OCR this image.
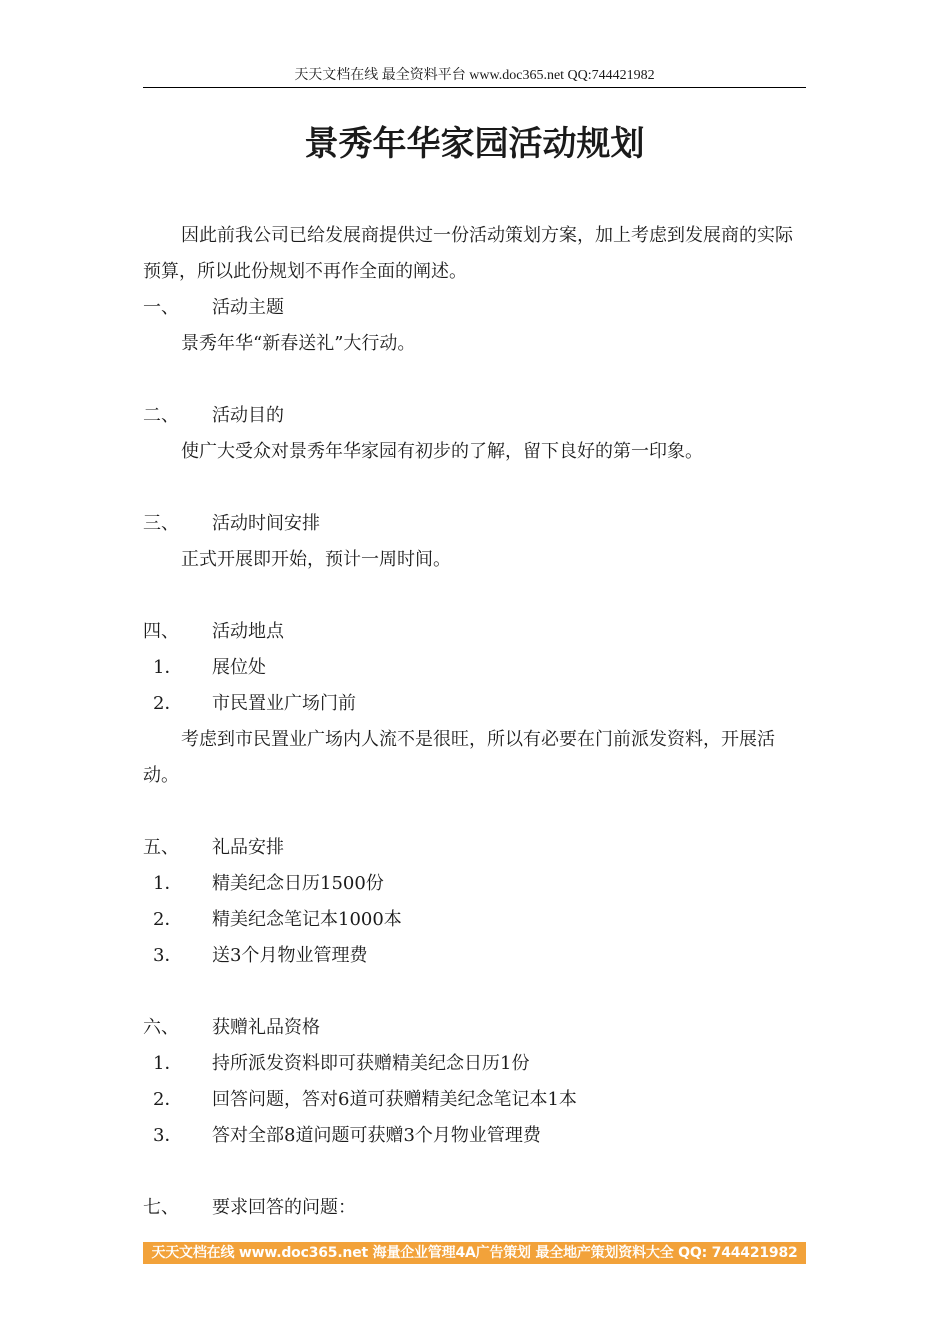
天天文档在线 最全资料平台 www.doc365.net QQ:744421982
景秀年华家园活动规划

因此前我公司已给发展商提供过一份活动策划方案，加上考虑到发展商的实际预算，所以此份规划不再作全面的阐述。

一、 活动主题

景秀年华“新春送礼”大行动。

二、 活动目的

使广大受众对景秀年华家园有初步的了解，留下良好的第一印象。

三、 活动时间安排

正式开展即开始，预计一周时间。

四、 活动地点
1． 展位处
2． 市民置业广场门前

考虑到市民置业广场内人流不是很旺，所以有必要在门前派发资料，开展活动。

五、 礼品安排
1． 精美纪念日历1500份
2． 精美纪念笔记本1000本
3． 送3个月物业管理费
六、 获赠礼品资格
1． 持所派发资料即可获赠精美纪念日历1份
2． 回答问题，答对6道可获赠精美纪念笔记本1本
3． 答对全部8道问题可获赠3个月物业管理费
七、 要求回答的问题：
天天文档在线 www.doc365.net 海量企业管理4A广告策划 最全地产策划资料大全 QQ: 744421982
